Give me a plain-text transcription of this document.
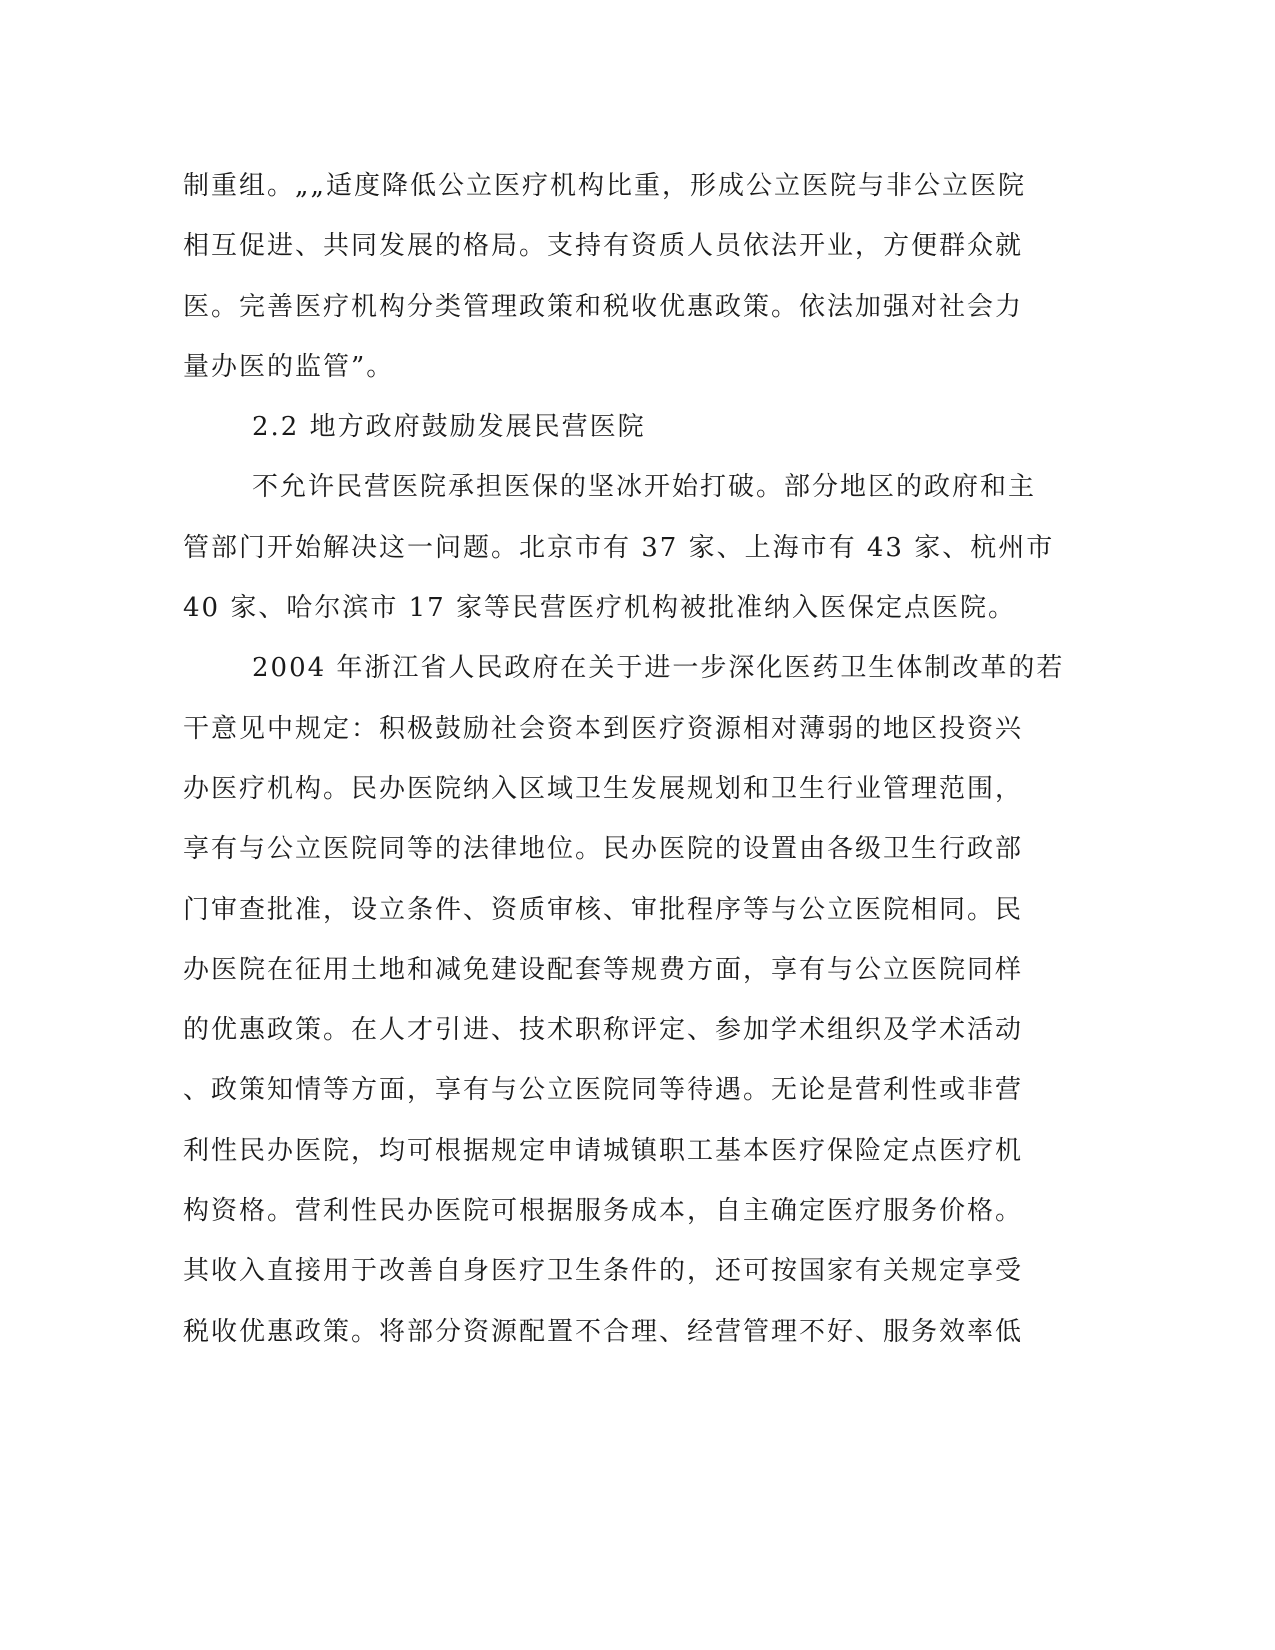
制重组。„„适度降低公立医疗机构比重，形成公立医院与非公立医院
相互促进、共同发展的格局。支持有资质人员依法开业，方便群众就
医。完善医疗机构分类管理政策和税收优惠政策。依法加强对社会力
量办医的监管”。
2.2 地方政府鼓励发展民营医院
不允许民营医院承担医保的坚冰开始打破。部分地区的政府和主
管部门开始解决这一问题。北京市有 37 家、上海市有 43 家、杭州市
40 家、哈尔滨市 17 家等民营医疗机构被批准纳入医保定点医院。
2004 年浙江省人民政府在关于进一步深化医药卫生体制改革的若
干意见中规定：积极鼓励社会资本到医疗资源相对薄弱的地区投资兴
办医疗机构。民办医院纳入区域卫生发展规划和卫生行业管理范围，
享有与公立医院同等的法律地位。民办医院的设置由各级卫生行政部
门审查批准，设立条件、资质审核、审批程序等与公立医院相同。民
办医院在征用土地和减免建设配套等规费方面，享有与公立医院同样
的优惠政策。在人才引进、技术职称评定、参加学术组织及学术活动
、政策知情等方面，享有与公立医院同等待遇。无论是营利性或非营
利性民办医院，均可根据规定申请城镇职工基本医疗保险定点医疗机
构资格。营利性民办医院可根据服务成本，自主确定医疗服务价格。
其收入直接用于改善自身医疗卫生条件的，还可按国家有关规定享受
税收优惠政策。将部分资源配置不合理、经营管理不好、服务效率低
